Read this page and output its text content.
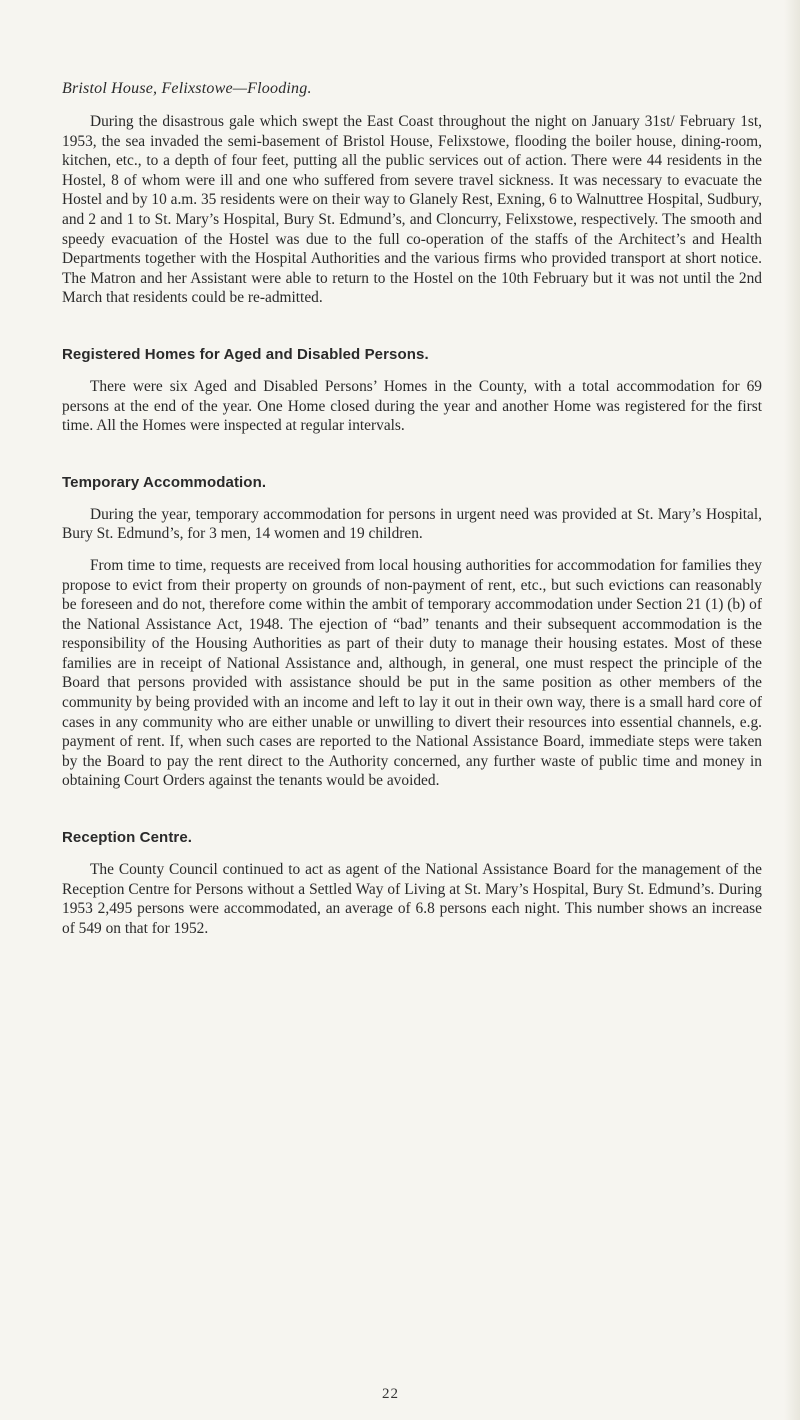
Bristol House, Felixstowe—Flooding.

During the disastrous gale which swept the East Coast throughout the night on January 31st/ February 1st, 1953, the sea invaded the semi-basement of Bristol House, Felixstowe, flooding the boiler house, dining-room, kitchen, etc., to a depth of four feet, putting all the public services out of action. There were 44 residents in the Hostel, 8 of whom were ill and one who suffered from severe travel sickness. It was necessary to evacuate the Hostel and by 10 a.m. 35 residents were on their way to Glanely Rest, Exning, 6 to Walnuttree Hospital, Sudbury, and 2 and 1 to St. Mary’s Hospital, Bury St. Edmund’s, and Cloncurry, Felixstowe, respectively. The smooth and speedy evacuation of the Hostel was due to the full co-operation of the staffs of the Architect’s and Health Departments together with the Hospital Authorities and the various firms who provided transport at short notice. The Matron and her Assistant were able to return to the Hostel on the 10th February but it was not until the 2nd March that residents could be re-admitted.

Registered Homes for Aged and Disabled Persons.

There were six Aged and Disabled Persons’ Homes in the County, with a total accommodation for 69 persons at the end of the year. One Home closed during the year and another Home was registered for the first time. All the Homes were inspected at regular intervals.

Temporary Accommodation.

During the year, temporary accommodation for persons in urgent need was provided at St. Mary’s Hospital, Bury St. Edmund’s, for 3 men, 14 women and 19 children.

From time to time, requests are received from local housing authorities for accommodation for families they propose to evict from their property on grounds of non-payment of rent, etc., but such evictions can reasonably be foreseen and do not, therefore come within the ambit of temporary accommodation under Section 21 (1) (b) of the National Assistance Act, 1948. The ejection of “bad” tenants and their subsequent accommodation is the responsibility of the Housing Authorities as part of their duty to manage their housing estates. Most of these families are in receipt of National Assistance and, although, in general, one must respect the principle of the Board that persons provided with assistance should be put in the same position as other members of the community by being provided with an income and left to lay it out in their own way, there is a small hard core of cases in any community who are either unable or unwilling to divert their resources into essential channels, e.g. payment of rent. If, when such cases are reported to the National Assistance Board, immediate steps were taken by the Board to pay the rent direct to the Authority concerned, any further waste of public time and money in obtaining Court Orders against the tenants would be avoided.

Reception Centre.

The County Council continued to act as agent of the National Assistance Board for the management of the Reception Centre for Persons without a Settled Way of Living at St. Mary’s Hospital, Bury St. Edmund’s. During 1953 2,495 persons were accommodated, an average of 6.8 persons each night. This number shows an increase of 549 on that for 1952.

22
